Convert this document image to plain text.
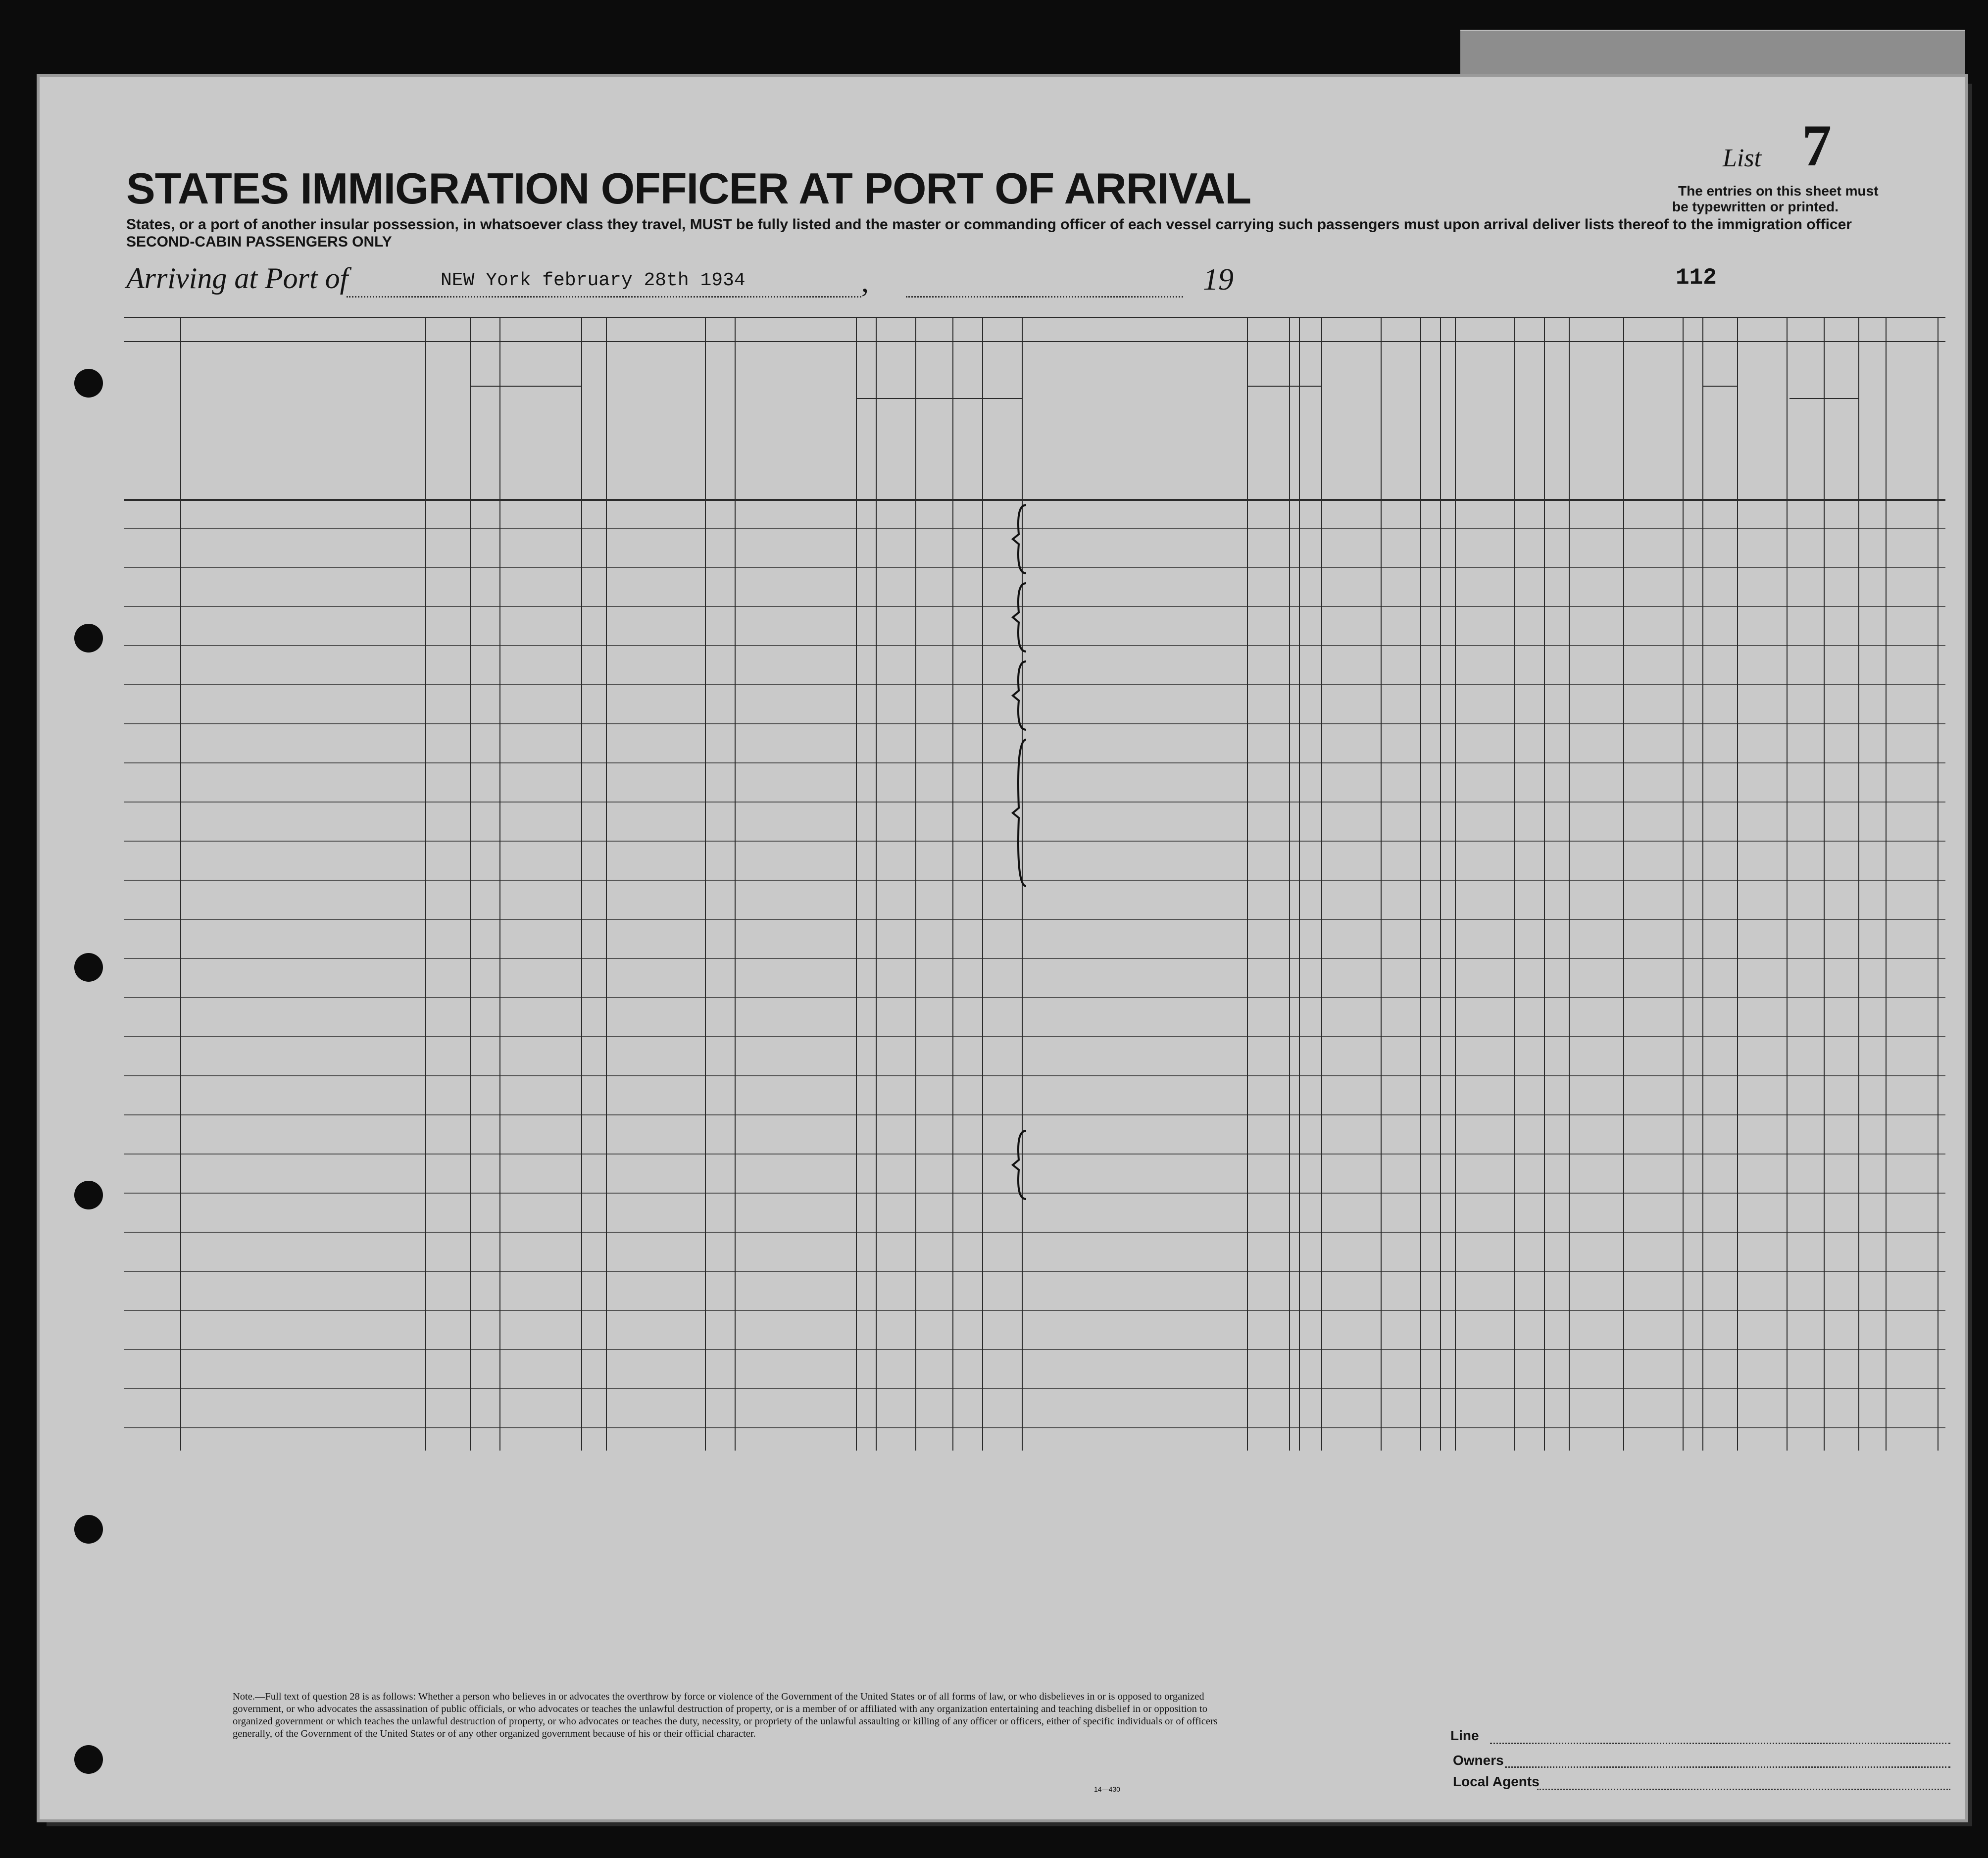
STATES IMMIGRATION OFFICER AT PORT OF ARRIVAL
States, or a port of another insular possession, in whatsoever class they travel, MUST be fully listed and the master or commanding officer of each vessel carrying such passengers must upon arrival deliver lists thereof to the immigration officer
SECOND-CABIN PASSENGERS ONLY
List 7
The entries on this sheet must
be typewritten or printed.
Arriving at Port of	NEW York february 28th 1934	,	19	112
Note.—Full text of question 28 is as follows: Whether a person who believes in or advocates the overthrow by force or violence of the Government of the United States or of all forms of law, or who disbelieves in or is opposed to organized government, or who advocates the assassination of public officials, or who advocates or teaches the unlawful destruction of property, or is a member of or affiliated with any organization entertaining and teaching disbelief in or opposition to organized government or which teaches the unlawful destruction of property, or who advocates or teaches the duty, necessity, or propriety of the unlawful assaulting or killing of any officer or officers, either of specific individuals or of officers generally, of the Government of the United States or of any other organized government because of his or their official character.	Line
Owners
Local Agents
14—430
